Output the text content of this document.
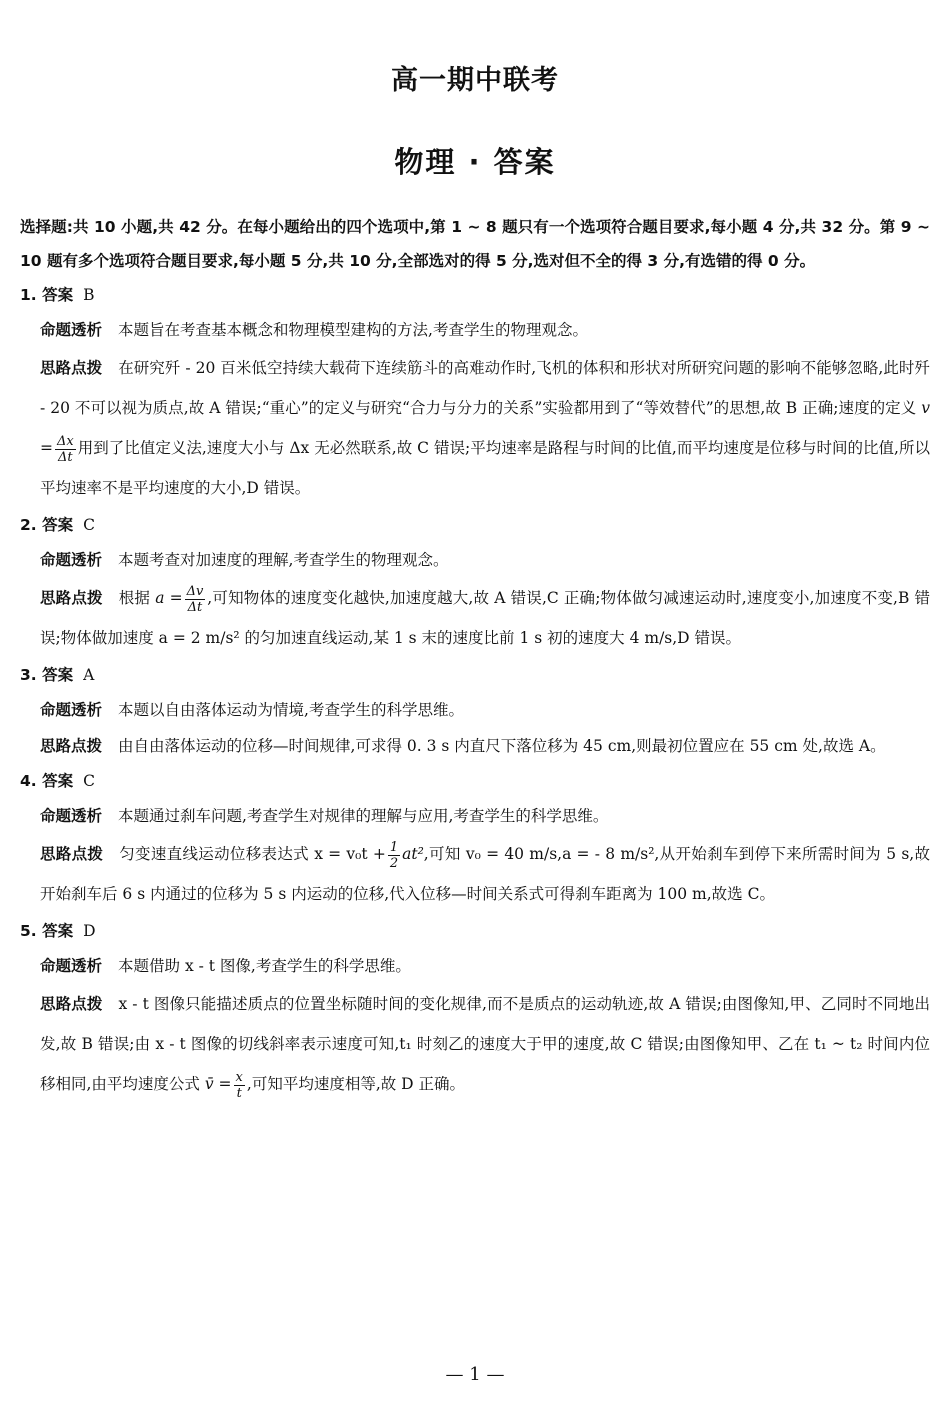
高一期中联考
物理 · 答案

选择题:共 10 小题,共 42 分。在每小题给出的四个选项中,第 1 ~ 8 题只有一个选项符合题目要求,每小题 4 分,共 32 分。第 9 ~ 10 题有多个选项符合题目要求,每小题 5 分,共 10 分,全部选对的得 5 分,选对但不全的得 3 分,有选错的得 0 分。

1. 答案 B

命题透析 本题旨在考查基本概念和物理模型建构的方法,考查学生的物理观念。

思路点拨 在研究歼 - 20 百米低空持续大载荷下连续筋斗的高难动作时,飞机的体积和形状对所研究问题的影响不能够忽略,此时歼 - 20 不可以视为质点,故 A 错误;“重心”的定义与研究“合力与分力的关系”实验都用到了“等效替代”的思想,故 B 正确;速度的定义 $v = \frac{\Delta x}{\Delta t}$ 用到了比值定义法,速度大小与 Δx 无必然联系,故 C 错误;平均速率是路程与时间的比值,而平均速度是位移与时间的比值,所以平均速率不是平均速度的大小,D 错误。

2. 答案 C

命题透析 本题考查对加速度的理解,考查学生的物理观念。

思路点拨 根据 $a = \frac{\Delta v}{\Delta t}$ ,可知物体的速度变化越快,加速度越大,故 A 错误,C 正确;物体做匀减速运动时,速度变小,加速度不变,B 错误;物体做加速度 a = 2 m/s² 的匀加速直线运动,某 1 s 末的速度比前 1 s 初的速度大 4 m/s,D 错误。

3. 答案 A

命题透析 本题以自由落体运动为情境,考查学生的科学思维。

思路点拨 由自由落体运动的位移—时间规律,可求得 0. 3 s 内直尺下落位移为 45 cm,则最初位置应在 55 cm 处,故选 A。

4. 答案 C

命题透析 本题通过刹车问题,考查学生对规律的理解与应用,考查学生的科学思维。

思路点拨 匀变速直线运动位移表达式 $x = v_0t + \frac{1}{2} at^2$,可知 v₀ = 40 m/s,a = - 8 m/s²,从开始刹车到停下来所需时间为 5 s,故开始刹车后 6 s 内通过的位移为 5 s 内运动的位移,代入位移—时间关系式可得刹车距离为 100 m,故选 C。

5. 答案 D

命题透析 本题借助 x - t 图像,考查学生的科学思维。

思路点拨 x - t 图像只能描述质点的位置坐标随时间的变化规律,而不是质点的运动轨迹,故 A 错误;由图像知,甲、乙同时不同地出发,故 B 错误;由 x - t 图像的切线斜率表示速度可知,t₁ 时刻乙的速度大于甲的速度,故 C 错误;由图像知甲、乙在 t₁ ~ t₂ 时间内位移相同,由平均速度公式 v̄ = $\frac{x}{t}$ ,可知平均速度相等,故 D 正确。

— 1 —
